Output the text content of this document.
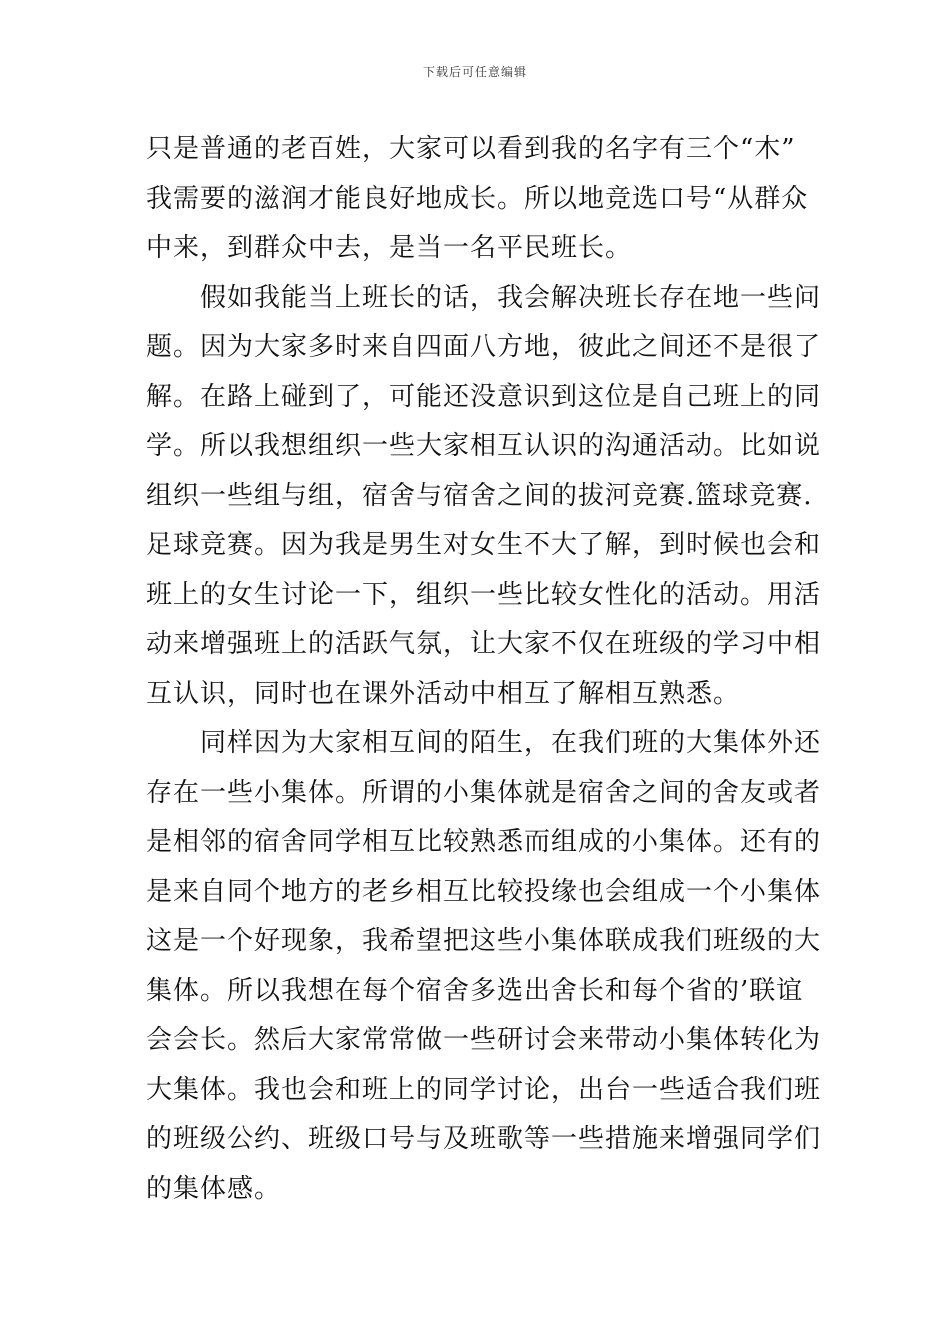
下载后可任意编辑
只是普通的老百姓，大家可以看到我的名字有三个“木”
我需要的滋润才能良好地成长。所以地竞选口号“从群众
中来，到群众中去，是当一名平民班长。
假如我能当上班长的话，我会解决班长存在地一些问
题。因为大家多时来自四面八方地，彼此之间还不是很了
解。在路上碰到了，可能还没意识到这位是自己班上的同
学。所以我想组织一些大家相互认识的沟通活动。比如说
组织一些组与组，宿舍与宿舍之间的拔河竞赛.篮球竞赛.
足球竞赛。因为我是男生对女生不大了解，到时候也会和
班上的女生讨论一下，组织一些比较女性化的活动。用活
动来增强班上的活跃气氛，让大家不仅在班级的学习中相
互认识，同时也在课外活动中相互了解相互熟悉。
同样因为大家相互间的陌生，在我们班的大集体外还
存在一些小集体。所谓的小集体就是宿舍之间的舍友或者
是相邻的宿舍同学相互比较熟悉而组成的小集体。还有的
是来自同个地方的老乡相互比较投缘也会组成一个小集体
这是一个好现象，我希望把这些小集体联成我们班级的大
集体。所以我想在每个宿舍多选出舍长和每个省的’联谊
会会长。然后大家常常做一些研讨会来带动小集体转化为
大集体。我也会和班上的同学讨论，出台一些适合我们班
的班级公约、班级口号与及班歌等一些措施来增强同学们
的集体感。
